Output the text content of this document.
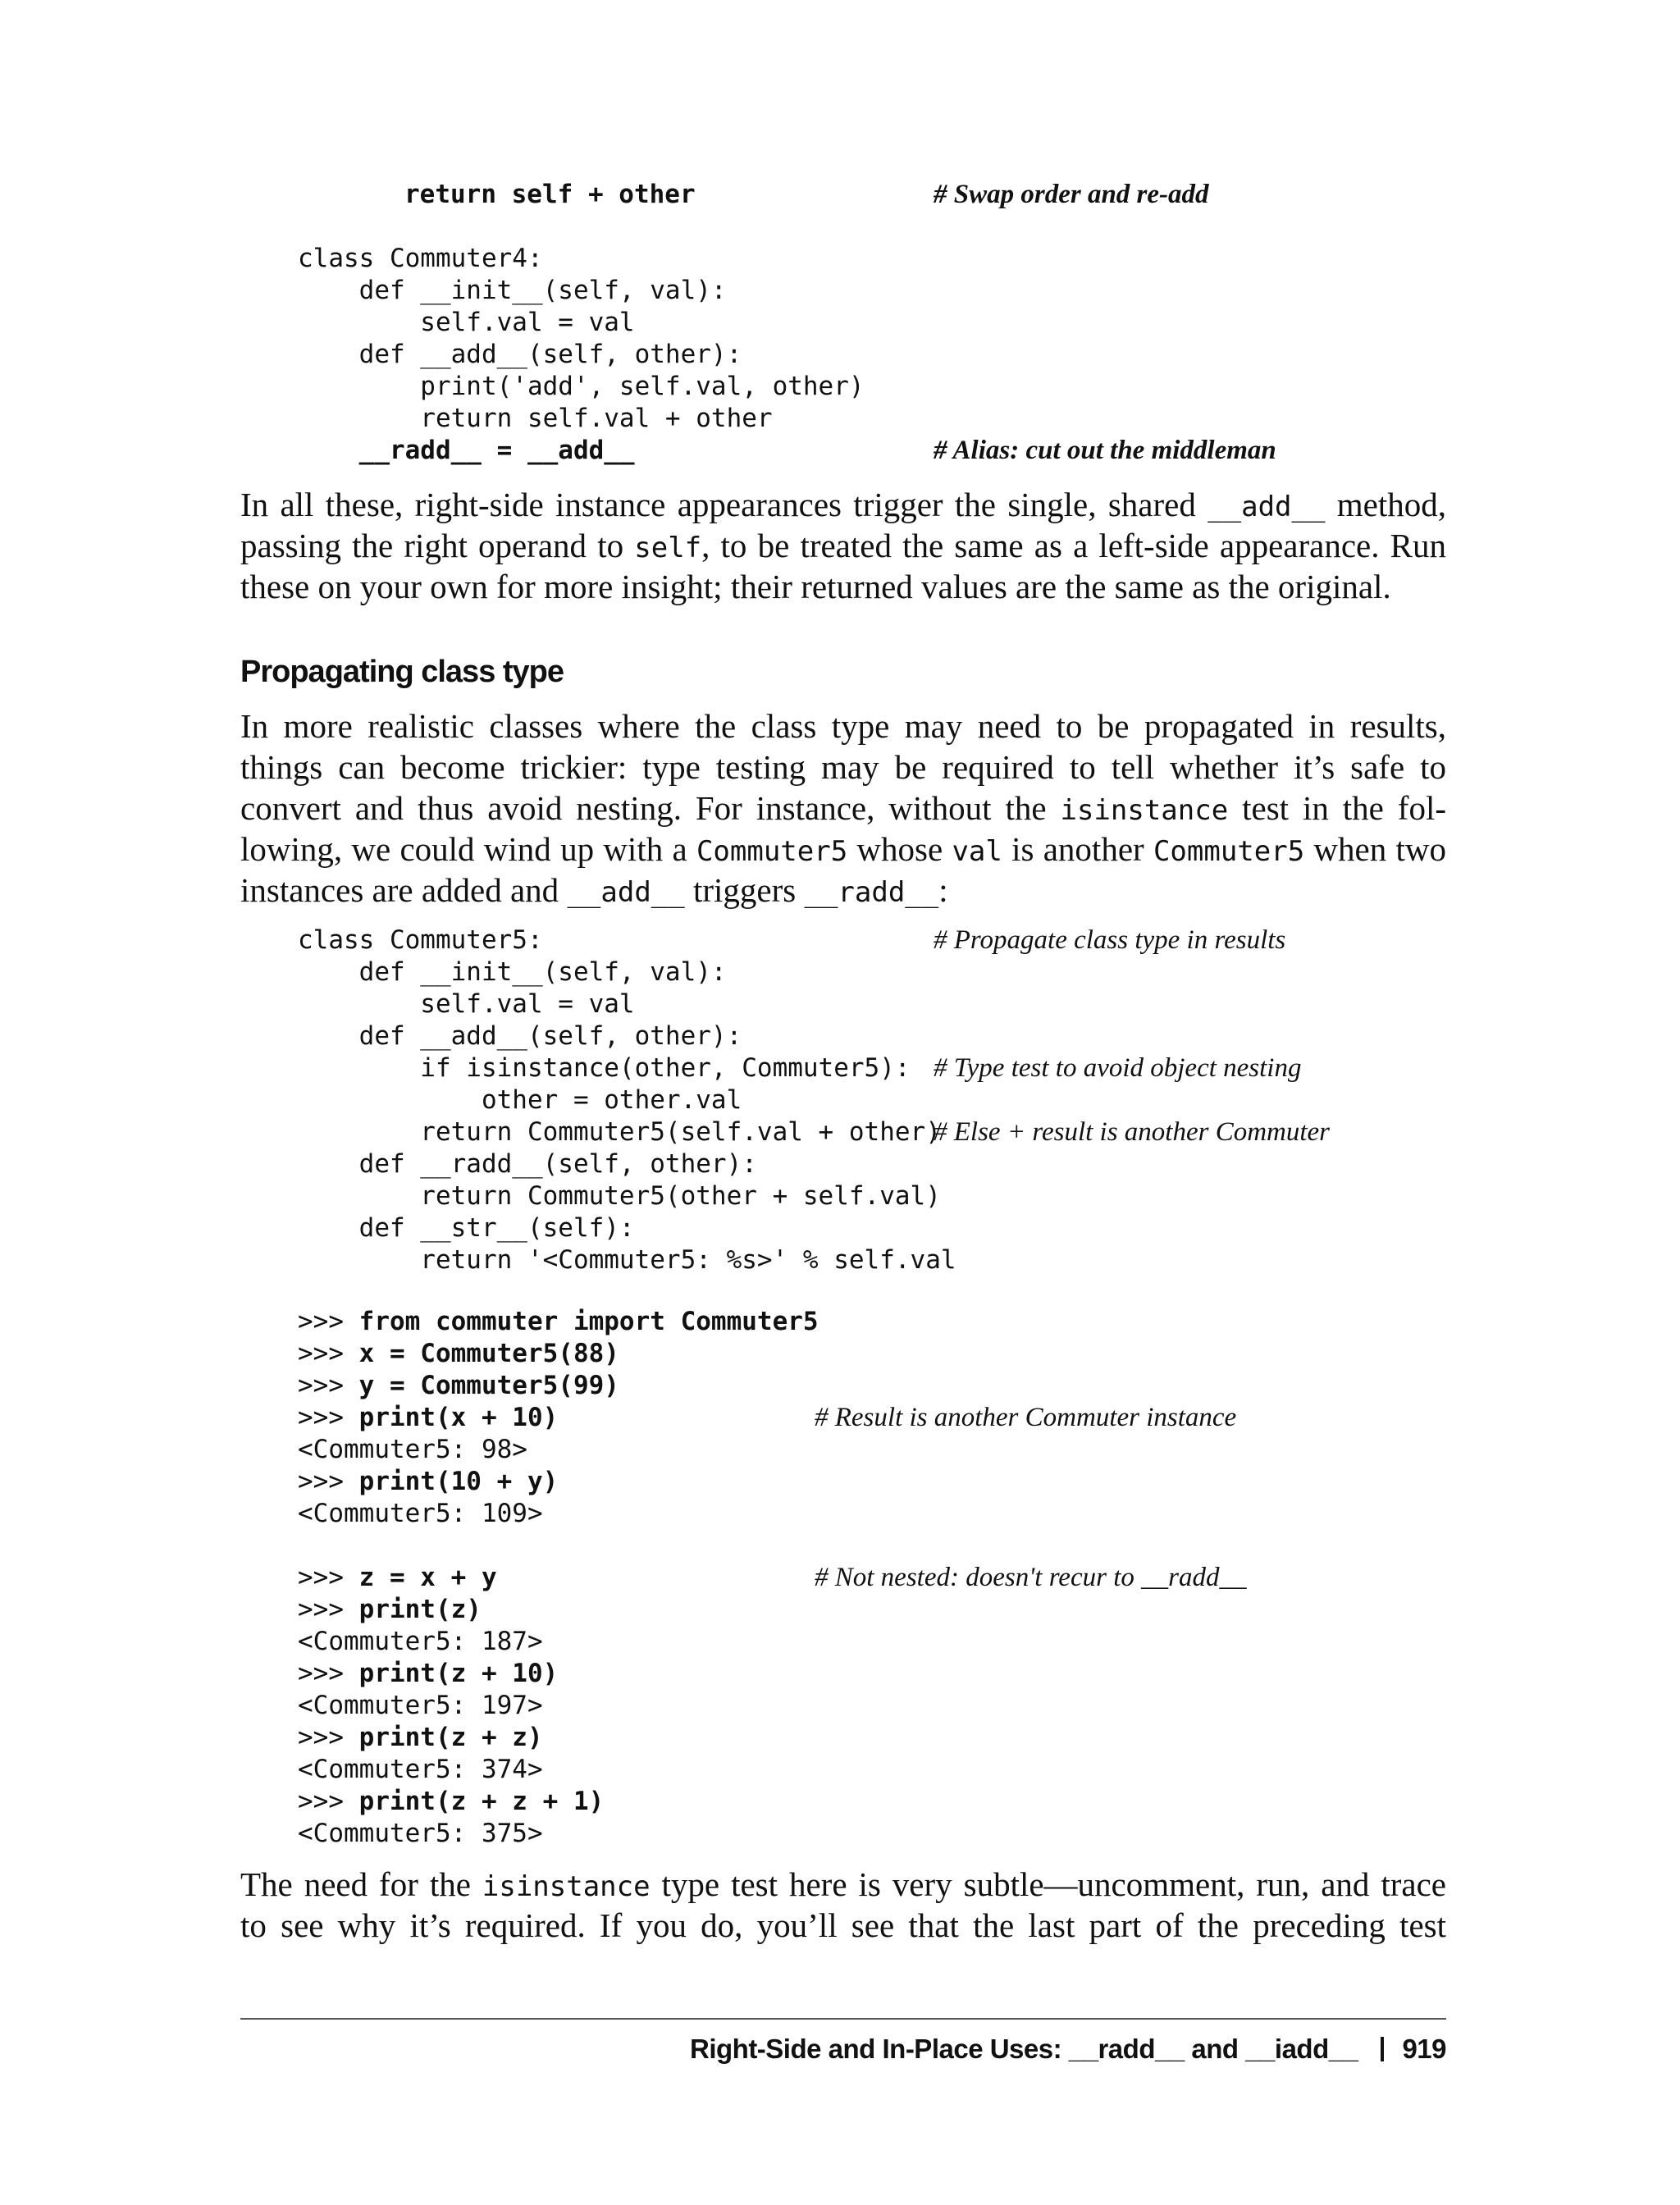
return self + other	# Swap order and re-add
class Commuter4:
def __init__(self, val):
self.val = val
def __add__(self, other):
print('add', self.val, other)
return self.val + other
__radd__ = __add__	# Alias: cut out the middleman
In all these, right-side instance appearances trigger the single, shared __add__ method,
passing the right operand to self, to be treated the same as a left-side appearance. Run
these on your own for more insight; their returned values are the same as the original.
Propagating class type
In more realistic classes where the class type may need to be propagated in results,
things can become trickier: type testing may be required to tell whether it’s safe to
convert and thus avoid nesting. For instance, without the isinstance test in the fol-
lowing, we could wind up with a Commuter5 whose val is another Commuter5 when two
instances are added and __add__ triggers __radd__:
class Commuter5:	# Propagate class type in results
def __init__(self, val):
self.val = val
def __add__(self, other):
if isinstance(other, Commuter5): # Type test to avoid object nesting
other = other.val
return Commuter5(self.val + other)
# Else + result is another Commuter
def __radd__(self, other):
return Commuter5(other + self.val)
def __str__(self):
return '<Commuter5: %s>' % self.val
>>> from commuter import Commuter5
>>> x = Commuter5(88)
>>> y = Commuter5(99)
>>> print(x + 10)	# Result is another Commuter instance
<Commuter5: 98>
>>> print(10 + y)
<Commuter5: 109>
>>> z = x + y	# Not nested: doesn't recur to __radd__
>>> print(z)
<Commuter5: 187>
>>> print(z + 10)
<Commuter5: 197>
>>> print(z + z)
<Commuter5: 374>
>>> print(z + z + 1)
<Commuter5: 375>
The need for the isinstance type test here is very subtle—uncomment, run, and trace
to see why it’s required. If you do, you’ll see that the last part of the preceding test
Right-Side and In-Place Uses: __radd__ and __iadd__ 919
